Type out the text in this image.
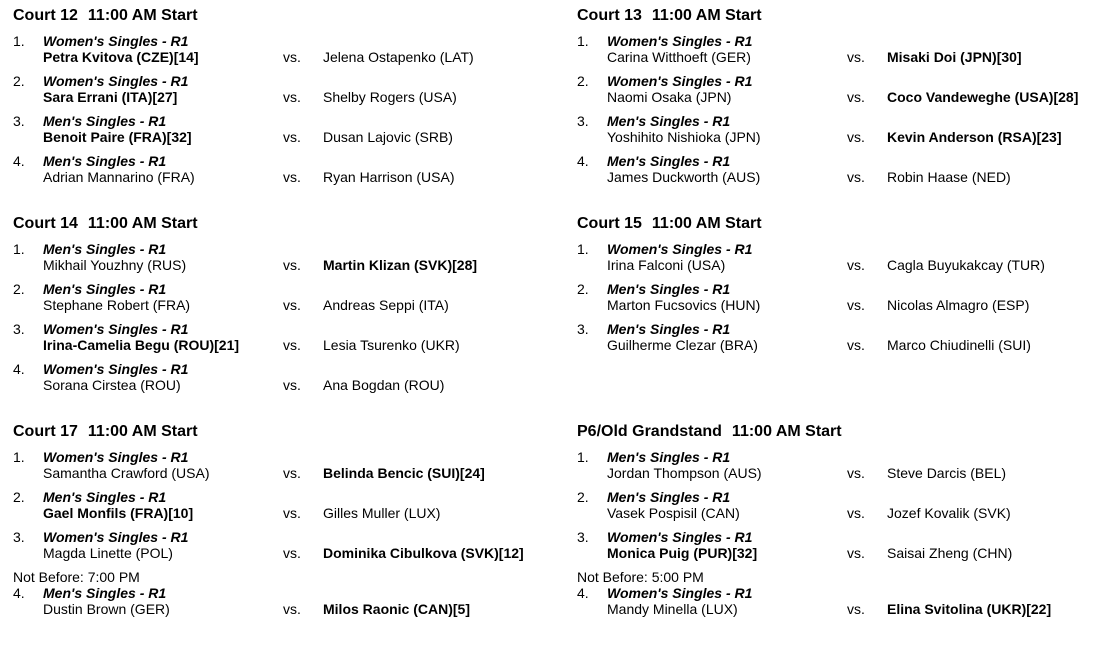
Court 12 11:00 AM Start
1. Women's Singles - R1
Petra Kvitova (CZE)[14]	vs. Jelena Ostapenko (LAT)
2. Women's Singles - R1
Sara Errani (ITA)[27]	vs. Shelby Rogers (USA)
3. Men's Singles - R1
Benoit Paire (FRA)[32]	vs. Dusan Lajovic (SRB)
4. Men's Singles - R1
Adrian Mannarino (FRA)	vs. Ryan Harrison (USA)
Court 13 11:00 AM Start
1. Women's Singles - R1
Carina Witthoeft (GER)	vs. Misaki Doi (JPN)[30]
2. Women's Singles - R1
Naomi Osaka (JPN)	vs. Coco Vandeweghe (USA)[28]
3. Men's Singles - R1
Yoshihito Nishioka (JPN)	vs. Kevin Anderson (RSA)[23]
4. Men's Singles - R1
James Duckworth (AUS)	vs. Robin Haase (NED)
Court 14 11:00 AM Start
1. Men's Singles - R1
Mikhail Youzhny (RUS)	vs. Martin Klizan (SVK)[28]
2. Men's Singles - R1
Stephane Robert (FRA)	vs. Andreas Seppi (ITA)
3. Women's Singles - R1
Irina-Camelia Begu (ROU)[21]	vs. Lesia Tsurenko (UKR)
4. Women's Singles - R1
Sorana Cirstea (ROU)	vs. Ana Bogdan (ROU)
Court 15 11:00 AM Start
1. Women's Singles - R1
Irina Falconi (USA)	vs. Cagla Buyukakcay (TUR)
2. Men's Singles - R1
Marton Fucsovics (HUN)	vs. Nicolas Almagro (ESP)
3. Men's Singles - R1
Guilherme Clezar (BRA)	vs. Marco Chiudinelli (SUI)
Court 17 11:00 AM Start
1. Women's Singles - R1
Samantha Crawford (USA)	vs. Belinda Bencic (SUI)[24]
2. Men's Singles - R1
Gael Monfils (FRA)[10]	vs. Gilles Muller (LUX)
3. Women's Singles - R1
Magda Linette (POL)	vs. Dominika Cibulkova (SVK)[12]
Not Before: 7:00 PM
4. Men's Singles - R1
Dustin Brown (GER)	vs. Milos Raonic (CAN)[5]
P6/Old Grandstand 11:00 AM Start
1. Men's Singles - R1
Jordan Thompson (AUS)	vs. Steve Darcis (BEL)
2. Men's Singles - R1
Vasek Pospisil (CAN)	vs. Jozef Kovalik (SVK)
3. Women's Singles - R1
Monica Puig (PUR)[32]	vs. Saisai Zheng (CHN)
Not Before: 5:00 PM
4. Women's Singles - R1
Mandy Minella (LUX)	vs. Elina Svitolina (UKR)[22]
